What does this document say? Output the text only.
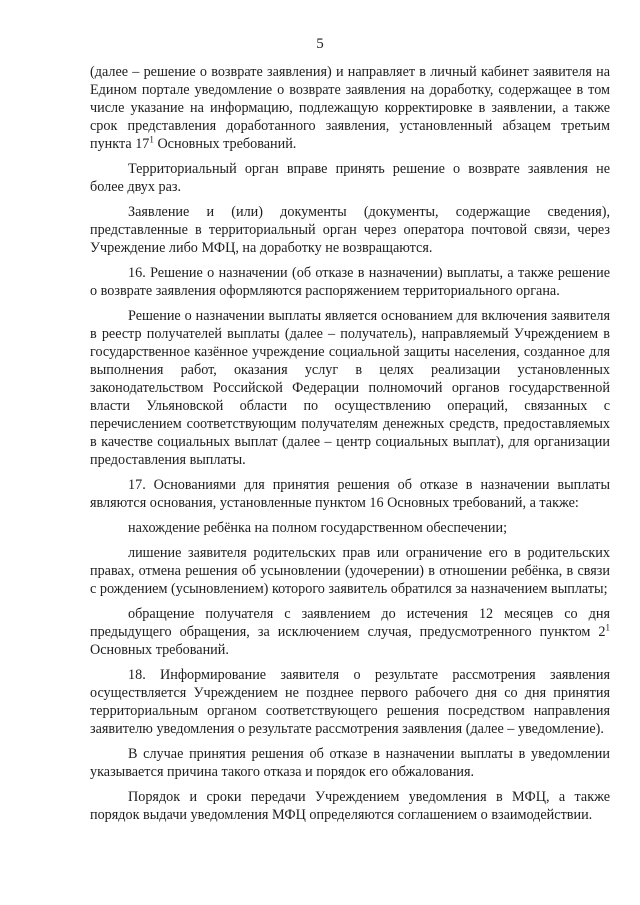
5

(далее – решение о возврате заявления) и направляет в личный кабинет заявителя на Едином портале уведомление о возврате заявления на доработку, содержащее в том числе указание на информацию, подлежащую корректировке в заявлении, а также срок представления доработанного заявления, установленный абзацем третьим пункта $17^1$ Основных требований.

Территориальный орган вправе принять решение о возврате заявления не более двух раз.

Заявление и (или) документы (документы, содержащие сведения), представленные в территориальный орган через оператора почтовой связи, через Учреждение либо МФЦ, на доработку не возвращаются.

16. Решение о назначении (об отказе в назначении) выплаты, а также решение о возврате заявления оформляются распоряжением территориального органа.

Решение о назначении выплаты является основанием для включения заявителя в реестр получателей выплаты (далее – получатель), направляемый Учреждением в государственное казённое учреждение социальной защиты населения, созданное для выполнения работ, оказания услуг в целях реализации установленных законодательством Российской Федерации полномочий органов государственной власти Ульяновской области по осуществлению операций, связанных с перечислением соответствующим получателям денежных средств, предоставляемых в качестве социальных выплат (далее – центр социальных выплат), для организации предоставления выплаты.

17. Основаниями для принятия решения об отказе в назначении выплаты являются основания, установленные пунктом 16 Основных требований, а также:

нахождение ребёнка на полном государственном обеспечении;

лишение заявителя родительских прав или ограничение его в родительских правах, отмена решения об усыновлении (удочерении) в отношении ребёнка, в связи с рождением (усыновлением) которого заявитель обратился за назначением выплаты;

обращение получателя с заявлением до истечения 12 месяцев со дня предыдущего обращения, за исключением случая, предусмотренного пунктом $2^1$ Основных требований.

18. Информирование заявителя о результате рассмотрения заявления осуществляется Учреждением не позднее первого рабочего дня со дня принятия территориальным органом соответствующего решения посредством направления заявителю уведомления о результате рассмотрения заявления (далее – уведомление).

В случае принятия решения об отказе в назначении выплаты в уведомлении указывается причина такого отказа и порядок его обжалования.

Порядок и сроки передачи Учреждением уведомления в МФЦ, а также порядок выдачи уведомления МФЦ определяются соглашением о взаимодействии.
